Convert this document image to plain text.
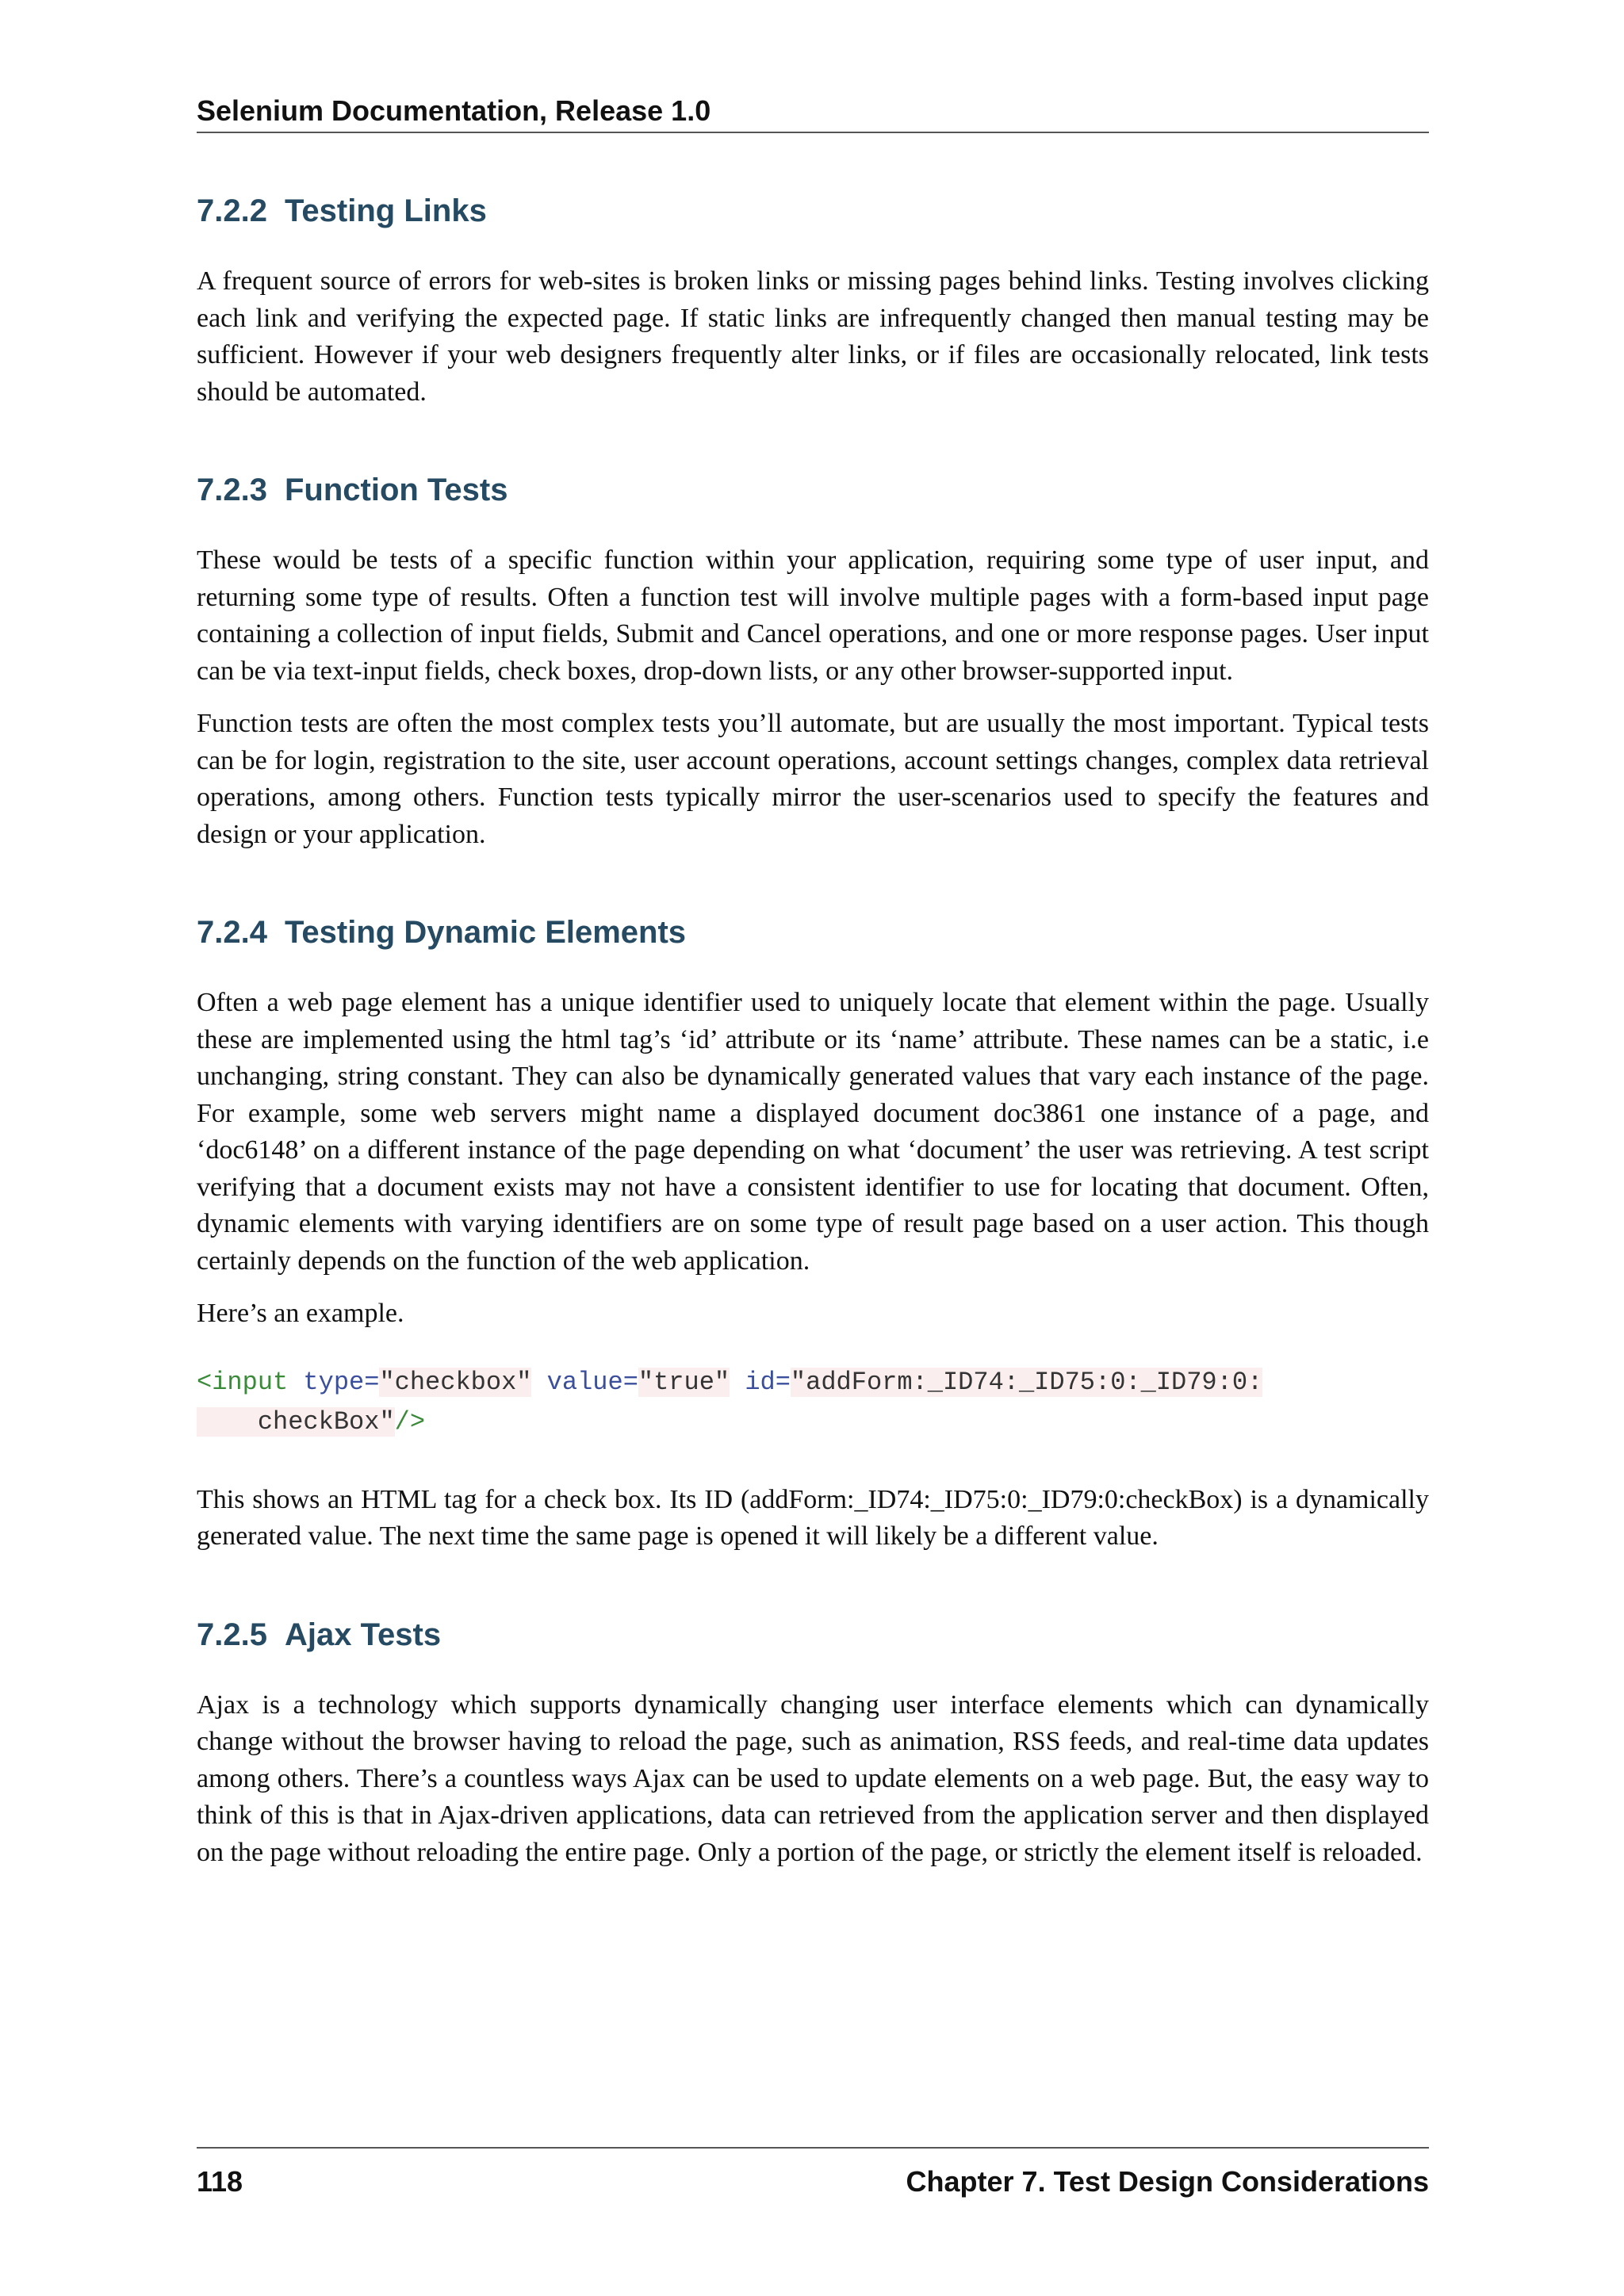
Selenium Documentation, Release 1.0
7.2.2 Testing Links

A frequent source of errors for web-sites is broken links or missing pages behind links. Testing involves clicking each link and verifying the expected page. If static links are infrequently changed then manual testing may be sufficient. However if your web designers frequently alter links, or if files are occasionally relocated, link tests should be automated.

7.2.3 Function Tests

These would be tests of a specific function within your application, requiring some type of user input, and returning some type of results. Often a function test will involve multiple pages with a form-based input page containing a collection of input fields, Submit and Cancel operations, and one or more response pages. User input can be via text-input fields, check boxes, drop-down lists, or any other browser-supported input.

Function tests are often the most complex tests you’ll automate, but are usually the most important. Typical tests can be for login, registration to the site, user account operations, account settings changes, complex data retrieval operations, among others. Function tests typically mirror the user-scenarios used to specify the features and design or your application.

7.2.4 Testing Dynamic Elements

Often a web page element has a unique identifier used to uniquely locate that element within the page. Usually these are implemented using the html tag’s ‘id’ attribute or its ‘name’ attribute. These names can be a static, i.e unchanging, string constant. They can also be dynamically generated values that vary each instance of the page. For example, some web servers might name a displayed document doc3861 one instance of a page, and ‘doc6148’ on a different instance of the page depending on what ‘document’ the user was retrieving. A test script verifying that a document exists may not have a consistent identifier to use for locating that document. Often, dynamic elements with varying identifiers are on some type of result page based on a user action. This though certainly depends on the function of the web application.

Here’s an example.

<input type="checkbox" value="true" id="addForm:_ID74:_ID75:0:_ID79:0:
checkBox"/>

This shows an HTML tag for a check box. Its ID (addForm:_ID74:_ID75:0:_ID79:0:checkBox) is a dynamically generated value. The next time the same page is opened it will likely be a different value.

7.2.5 Ajax Tests

Ajax is a technology which supports dynamically changing user interface elements which can dynamically change without the browser having to reload the page, such as animation, RSS feeds, and real-time data updates among others. There’s a countless ways Ajax can be used to update elements on a web page. But, the easy way to think of this is that in Ajax-driven applications, data can retrieved from the application server and then displayed on the page without reloading the entire page. Only a portion of the page, or strictly the element itself is reloaded.

118	Chapter 7. Test Design Considerations
